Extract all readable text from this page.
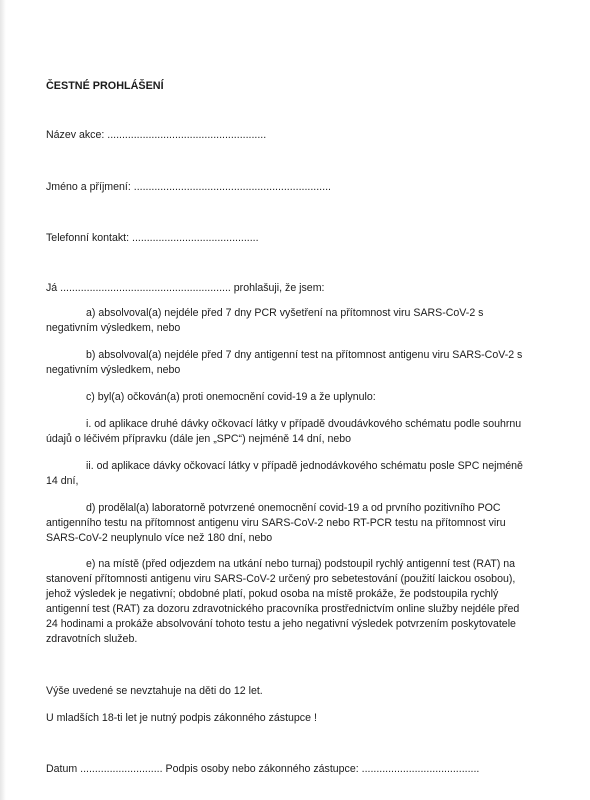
ČESTNÉ PROHLÁŠENÍ
Název akce: ......................................................
Jméno a příjmení: ...................................................................
Telefonní kontakt: ...........................................
Já .......................................................... prohlašuji, že jsem:
a) absolvoval(a) nejdéle před 7 dny PCR vyšetření na přítomnost viru SARS-CoV-2 s
negativním výsledkem, nebo
b) absolvoval(a) nejdéle před 7 dny antigenní test na přítomnost antigenu viru SARS-CoV-2 s
negativním výsledkem, nebo
c) byl(a) očkován(a) proti onemocnění covid-19 a že uplynulo:
i. od aplikace druhé dávky očkovací látky v případě dvoudávkového schématu podle souhrnu
údajů o léčivém přípravku (dále jen „SPC“) nejméně 14 dní, nebo
ii. od aplikace dávky očkovací látky v případě jednodávkového schématu posle SPC nejméně
14 dní,
d) prodělal(a) laboratorně potvrzené onemocnění covid-19 a od prvního pozitivního POC
antigenního testu na přítomnost antigenu viru SARS-CoV-2 nebo RT-PCR testu na přítomnost viru
SARS-CoV-2 neuplynulo více než 180 dní, nebo
e) na místě (před odjezdem na utkání nebo turnaj) podstoupil rychlý antigenní test (RAT) na
stanovení přítomnosti antigenu viru SARS-CoV-2 určený pro sebetestování (použití laickou osobou),
jehož výsledek je negativní; obdobné platí, pokud osoba na místě prokáže, že podstoupila rychlý
antigenní test (RAT) za dozoru zdravotnického pracovníka prostřednictvím online služby nejdéle před
24 hodinami a prokáže absolvování tohoto testu a jeho negativní výsledek potvrzením poskytovatele
zdravotních služeb.
Výše uvedené se nevztahuje na děti do 12 let.
U mladších 18-ti let je nutný podpis zákonného zástupce !
Datum ............................ Podpis osoby nebo zákonného zástupce: ........................................
